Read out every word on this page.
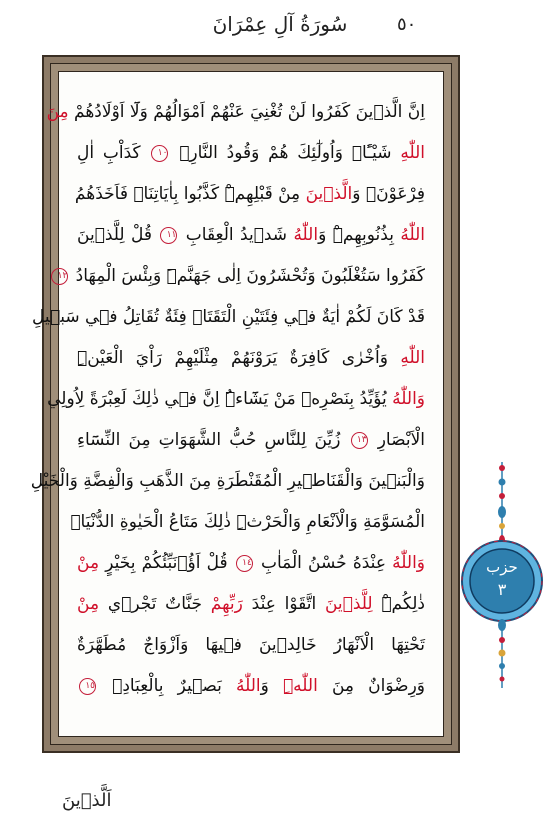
سُورَةُ آلِ عِمْرَانَ	٥٠
اِنَّ الَّذٖينَ كَفَرُوا لَنْ تُغْنِيَ عَنْهُمْ اَمْوَالُهُمْ وَلَٓا اَوْلَادُهُمْ مِنَ
اللّٰهِ شَيْـًٔاۜ وَاُولٰٓئِكَ هُمْ وَقُودُ النَّارِۙ ١٠ كَدَاْبِ اٰلِ
فِرْعَوْنَۙ وَالَّذٖينَ مِنْ قَبْلِهِمْۜ كَذَّبُوا بِاٰيَاتِنَاۚ فَاَخَذَهُمُ
اللّٰهُ بِذُنُوبِهِمْۜ وَاللّٰهُ شَدٖيدُ الْعِقَابِ ١١ قُلْ لِلَّذٖينَ
كَفَرُوا سَتُغْلَبُونَ وَتُحْشَرُونَ اِلٰى جَهَنَّمَۜ وَبِئْسَ الْمِهَادُ ١٢
قَدْ كَانَ لَكُمْ اٰيَةٌ فٖي فِئَتَيْنِ الْتَقَتَاۜ فِئَةٌ تُقَاتِلُ فٖي سَبٖيلِ
اللّٰهِ وَاُخْرٰى كَافِرَةٌ يَرَوْنَهُمْ مِثْلَيْهِمْ رَاْيَ الْعَيْنِۜ
وَاللّٰهُ يُؤَيِّدُ بِنَصْرِهٖ مَنْ يَشَٓاءُۜ اِنَّ فٖي ذٰلِكَ لَعِبْرَةً لِاُولِي
الْاَبْصَارِ ١٣ زُيِّنَ لِلنَّاسِ حُبُّ الشَّهَوَاتِ مِنَ النِّسَٓاءِ
وَالْبَنٖينَ وَالْقَنَاطٖيرِ الْمُقَنْطَرَةِ مِنَ الذَّهَبِ وَالْفِضَّةِ وَالْخَيْلِ
الْمُسَوَّمَةِ وَالْاَنْعَامِ وَالْحَرْثِۜ ذٰلِكَ مَتَاعُ الْحَيٰوةِ الدُّنْيَاۚ
وَاللّٰهُ عِنْدَهُ حُسْنُ الْمَاٰبِ ١٤ قُلْ اَؤُ۬نَبِّئُكُمْ بِخَيْرٍ مِنْ
ذٰلِكُمْۜ لِلَّذٖينَ اتَّقَوْا عِنْدَ رَبِّهِمْ جَنَّاتٌ تَجْرٖي مِنْ
تَحْتِهَا الْاَنْهَارُ خَالِدٖينَ فٖيهَا وَاَزْوَاجٌ مُطَهَّرَةٌ
وَرِضْوَانٌ مِنَ اللّٰهِۜ وَاللّٰهُ بَصٖيرٌ بِالْعِبَادِۚ ١٥
حزب
٣
اَلَّذٖينَ
